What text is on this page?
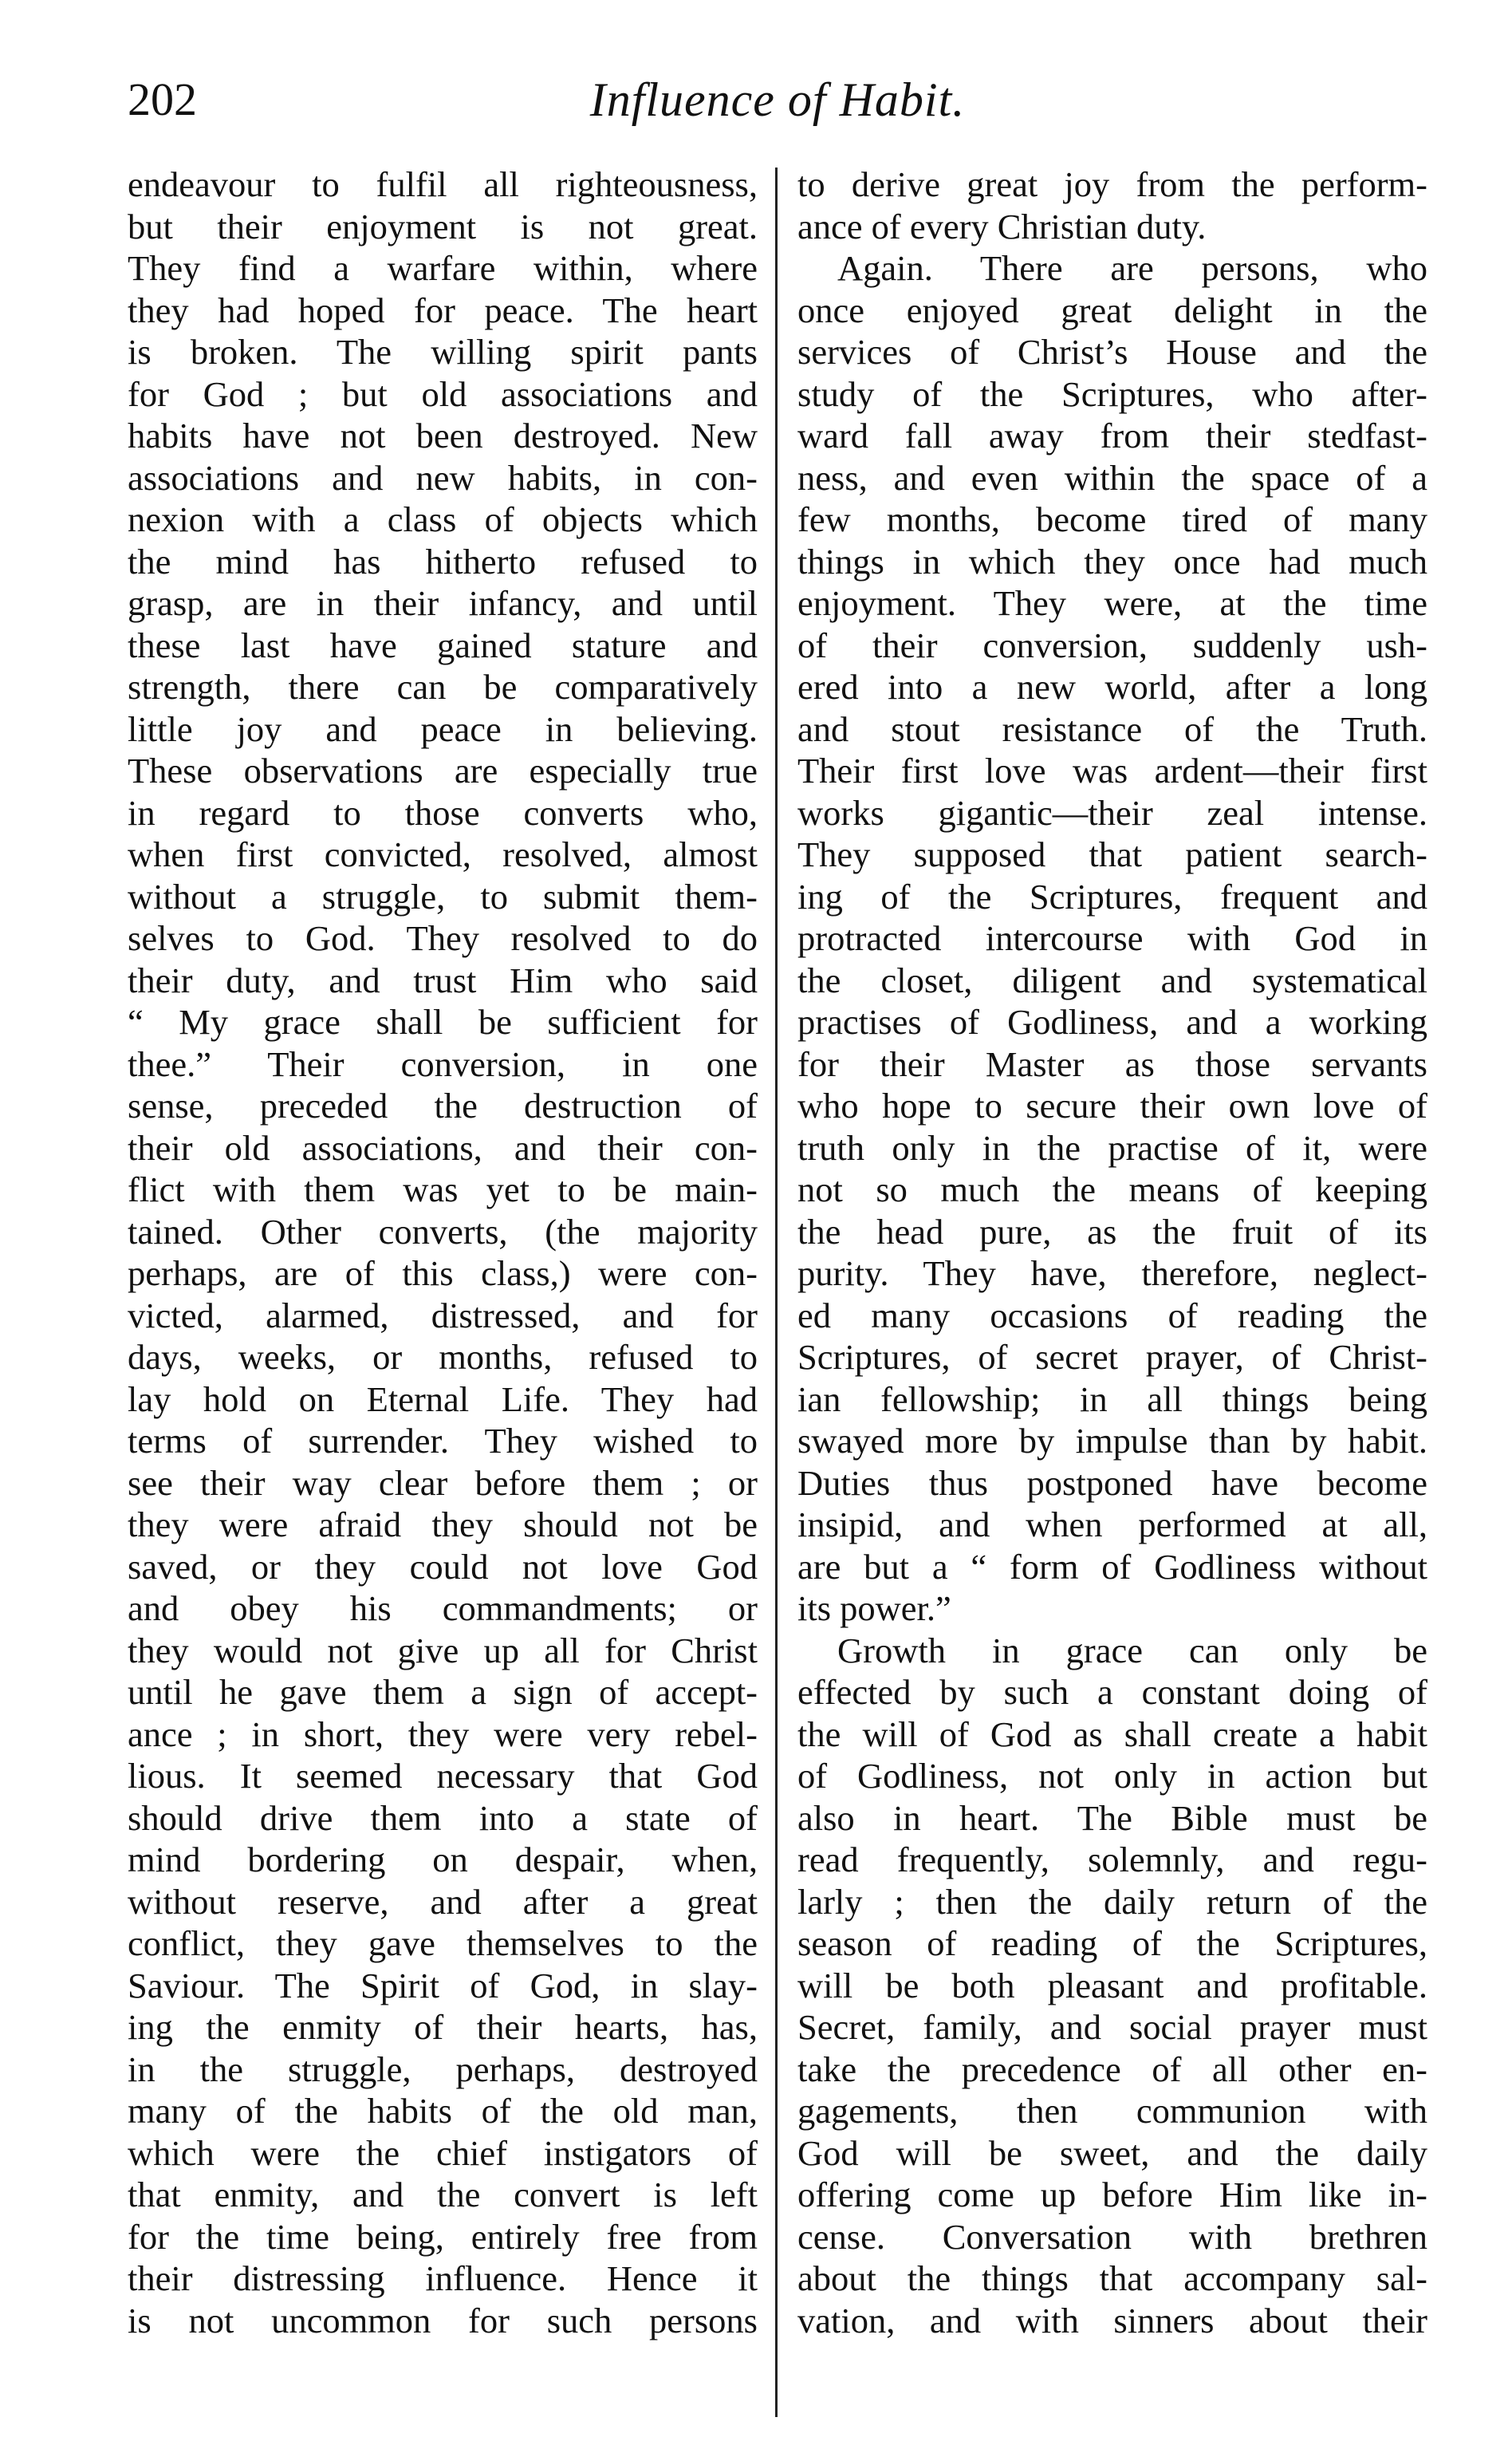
202	Influence of Habit.
endeavour to fulfil all righteousness,
but their enjoyment is not great.
They find a warfare within, where
they had hoped for peace. The heart
is broken. The willing spirit pants
for God ; but old associations and
habits have not been destroyed. New
associations and new habits, in con-
nexion with a class of objects which
the mind has hitherto refused to
grasp, are in their infancy, and until
these last have gained stature and
strength, there can be comparatively
little joy and peace in believing.
These observations are especially true
in regard to those converts who,
when first convicted, resolved, almost
without a struggle, to submit them-
selves to God. They resolved to do
their duty, and trust Him who said
“ My grace shall be sufficient for
thee.” Their conversion, in one
sense, preceded the destruction of
their old associations, and their con-
flict with them was yet to be main-
tained. Other converts, (the majority
perhaps, are of this class,) were con-
victed, alarmed, distressed, and for
days, weeks, or months, refused to
lay hold on Eternal Life. They had
terms of surrender. They wished to
see their way clear before them ; or
they were afraid they should not be
saved, or they could not love God
and obey his commandments; or
they would not give up all for Christ
until he gave them a sign of accept-
ance ; in short, they were very rebel-
lious. It seemed necessary that God
should drive them into a state of
mind bordering on despair, when,
without reserve, and after a great
conflict, they gave themselves to the
Saviour. The Spirit of God, in slay-
ing the enmity of their hearts, has,
in the struggle, perhaps, destroyed
many of the habits of the old man,
which were the chief instigators of
that enmity, and the convert is left
for the time being, entirely free from
their distressing influence. Hence it
is not uncommon for such persons
to derive great joy from the perform-
ance of every Christian duty.
Again. There are persons, who
once enjoyed great delight in the
services of Christ’s House and the
study of the Scriptures, who after-
ward fall away from their stedfast-
ness, and even within the space of a
few months, become tired of many
things in which they once had much
enjoyment. They were, at the time
of their conversion, suddenly ush-
ered into a new world, after a long
and stout resistance of the Truth.
Their first love was ardent—their first
works gigantic—their zeal intense.
They supposed that patient search-
ing of the Scriptures, frequent and
protracted intercourse with God in
the closet, diligent and systematical
practises of Godliness, and a working
for their Master as those servants
who hope to secure their own love of
truth only in the practise of it, were
not so much the means of keeping
the head pure, as the fruit of its
purity. They have, therefore, neglect-
ed many occasions of reading the
Scriptures, of secret prayer, of Christ-
ian fellowship; in all things being
swayed more by impulse than by habit.
Duties thus postponed have become
insipid, and when performed at all,
are but a “ form of Godliness without
its power.”
Growth in grace can only be
effected by such a constant doing of
the will of God as shall create a habit
of Godliness, not only in action but
also in heart. The Bible must be
read frequently, solemnly, and regu-
larly ; then the daily return of the
season of reading of the Scriptures,
will be both pleasant and profitable.
Secret, family, and social prayer must
take the precedence of all other en-
gagements, then communion with
God will be sweet, and the daily
offering come up before Him like in-
cense. Conversation with brethren
about the things that accompany sal-
vation, and with sinners about their
